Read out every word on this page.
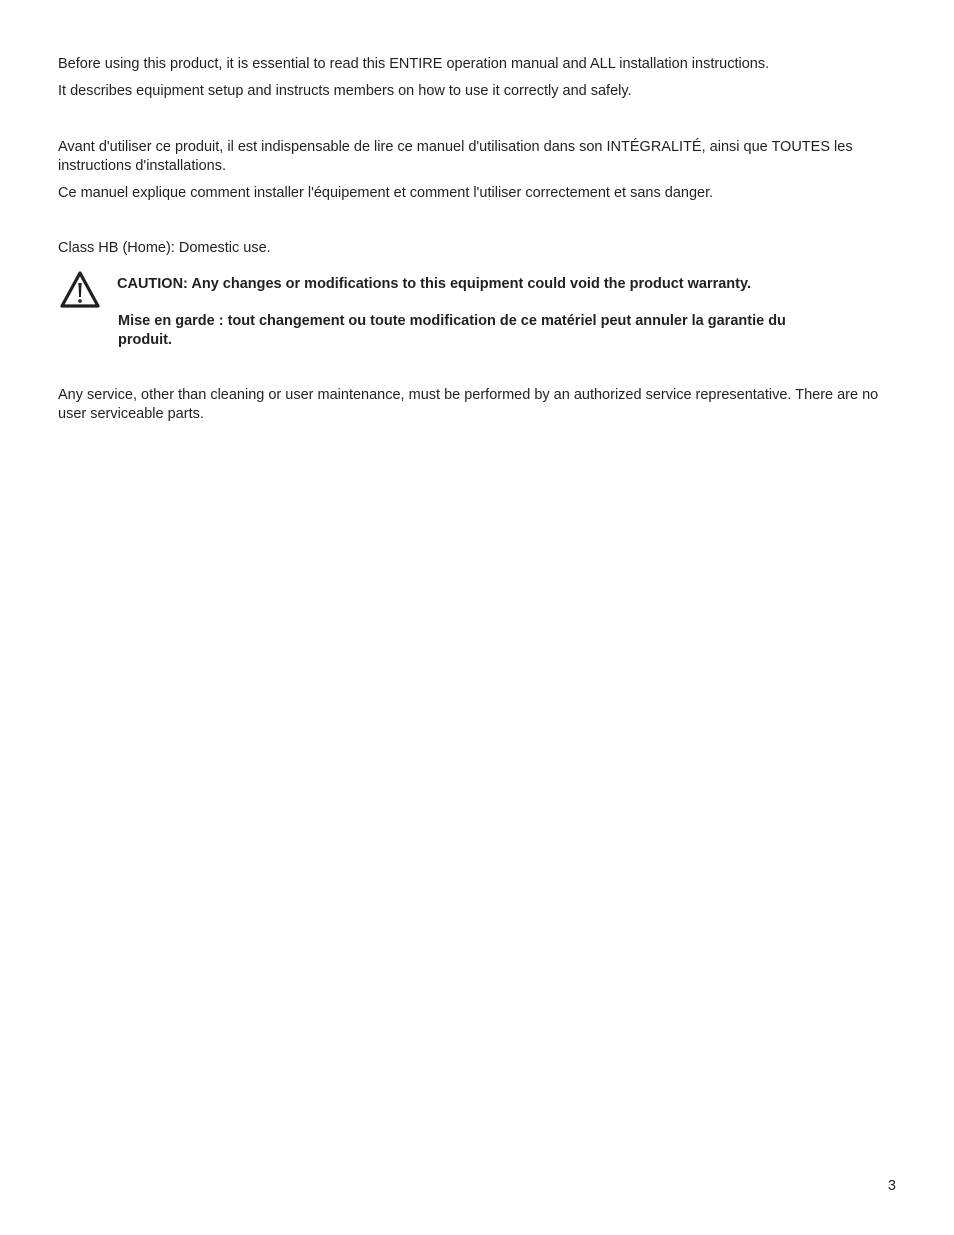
Before using this product, it is essential to read this ENTIRE operation manual and ALL installation instructions.

It describes equipment setup and instructs members on how to use it correctly and safely.

Avant d'utiliser ce produit, il est indispensable de lire ce manuel d'utilisation dans son INTÉGRALITÉ, ainsi que TOUTES les instructions d'installations.

Ce manuel explique comment installer l'équipement et comment l'utiliser correctement et sans danger.

Class HB (Home): Domestic use.

CAUTION: Any changes or modifications to this equipment could void the product warranty.

Mise en garde : tout changement ou toute modification de ce matériel peut annuler la garantie du produit.

Any service, other than cleaning or user maintenance, must be performed by an authorized service representative. There are no user serviceable parts.

3
